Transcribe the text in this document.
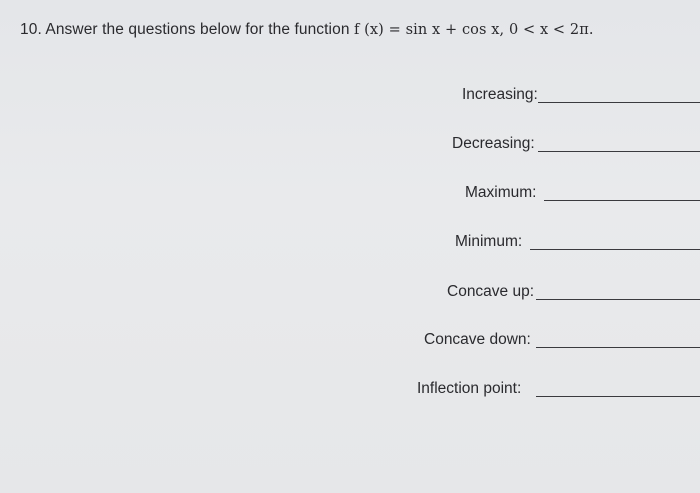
10. Answer the questions below for the function f (x) = sin x + cos x, 0 < x < 2π.
Increasing:
Decreasing:
Maximum:
Minimum:
Concave up:
Concave down:
Inflection point:
